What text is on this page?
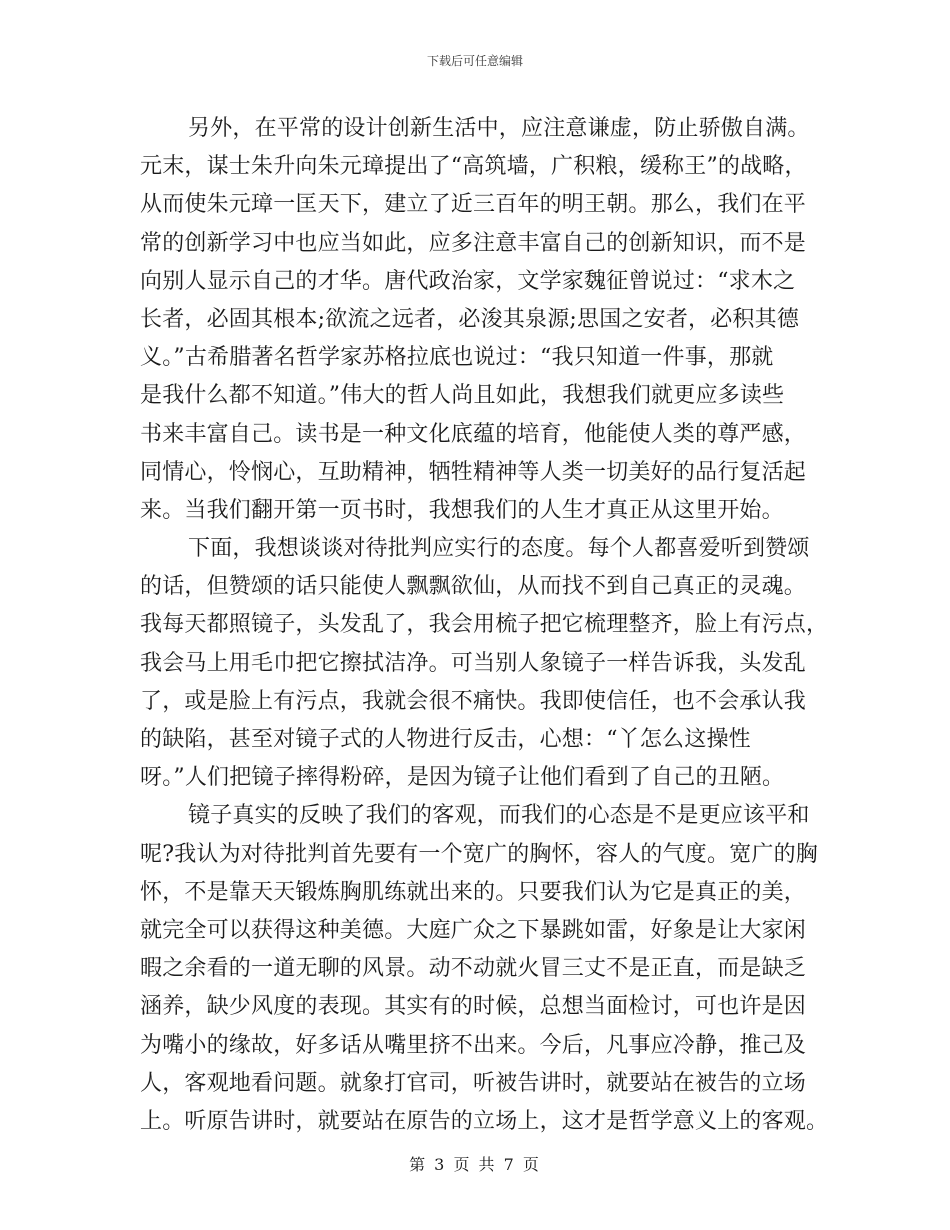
下载后可任意编辑
另外，在平常的设计创新生活中，应注意谦虚，防止骄傲自满。
元末，谋士朱升向朱元璋提出了“高筑墙，广积粮，缓称王”的战略，
从而使朱元璋一匡天下，建立了近三百年的明王朝。那么，我们在平
常的创新学习中也应当如此，应多注意丰富自己的创新知识，而不是
向别人显示自己的才华。唐代政治家，文学家魏征曾说过：“求木之
长者，必固其根本;欲流之远者，必浚其泉源;思国之安者，必积其德
义。”古希腊著名哲学家苏格拉底也说过：“我只知道一件事，那就
是我什么都不知道。”伟大的哲人尚且如此，我想我们就更应多读些
书来丰富自己。读书是一种文化底蕴的培育，他能使人类的尊严感，
同情心，怜悯心，互助精神，牺牲精神等人类一切美好的品行复活起
来。当我们翻开第一页书时，我想我们的人生才真正从这里开始。
下面，我想谈谈对待批判应实行的态度。每个人都喜爱听到赞颂
的话，但赞颂的话只能使人飘飘欲仙，从而找不到自己真正的灵魂。
我每天都照镜子，头发乱了，我会用梳子把它梳理整齐，脸上有污点，
我会马上用毛巾把它擦拭洁净。可当别人象镜子一样告诉我，头发乱
了，或是脸上有污点，我就会很不痛快。我即使信任，也不会承认我
的缺陷，甚至对镜子式的人物进行反击，心想：“丫怎么这操性
呀。”人们把镜子摔得粉碎，是因为镜子让他们看到了自己的丑陋。
镜子真实的反映了我们的客观，而我们的心态是不是更应该平和
呢?我认为对待批判首先要有一个宽广的胸怀，容人的气度。宽广的胸
怀，不是靠天天锻炼胸肌练就出来的。只要我们认为它是真正的美，
就完全可以获得这种美德。大庭广众之下暴跳如雷，好象是让大家闲
暇之余看的一道无聊的风景。动不动就火冒三丈不是正直，而是缺乏
涵养，缺少风度的表现。其实有的时候，总想当面检讨，可也许是因
为嘴小的缘故，好多话从嘴里挤不出来。今后，凡事应冷静，推己及
人，客观地看问题。就象打官司，听被告讲时，就要站在被告的立场
上。听原告讲时，就要站在原告的立场上，这才是哲学意义上的客观。
第 3 页 共 7 页
